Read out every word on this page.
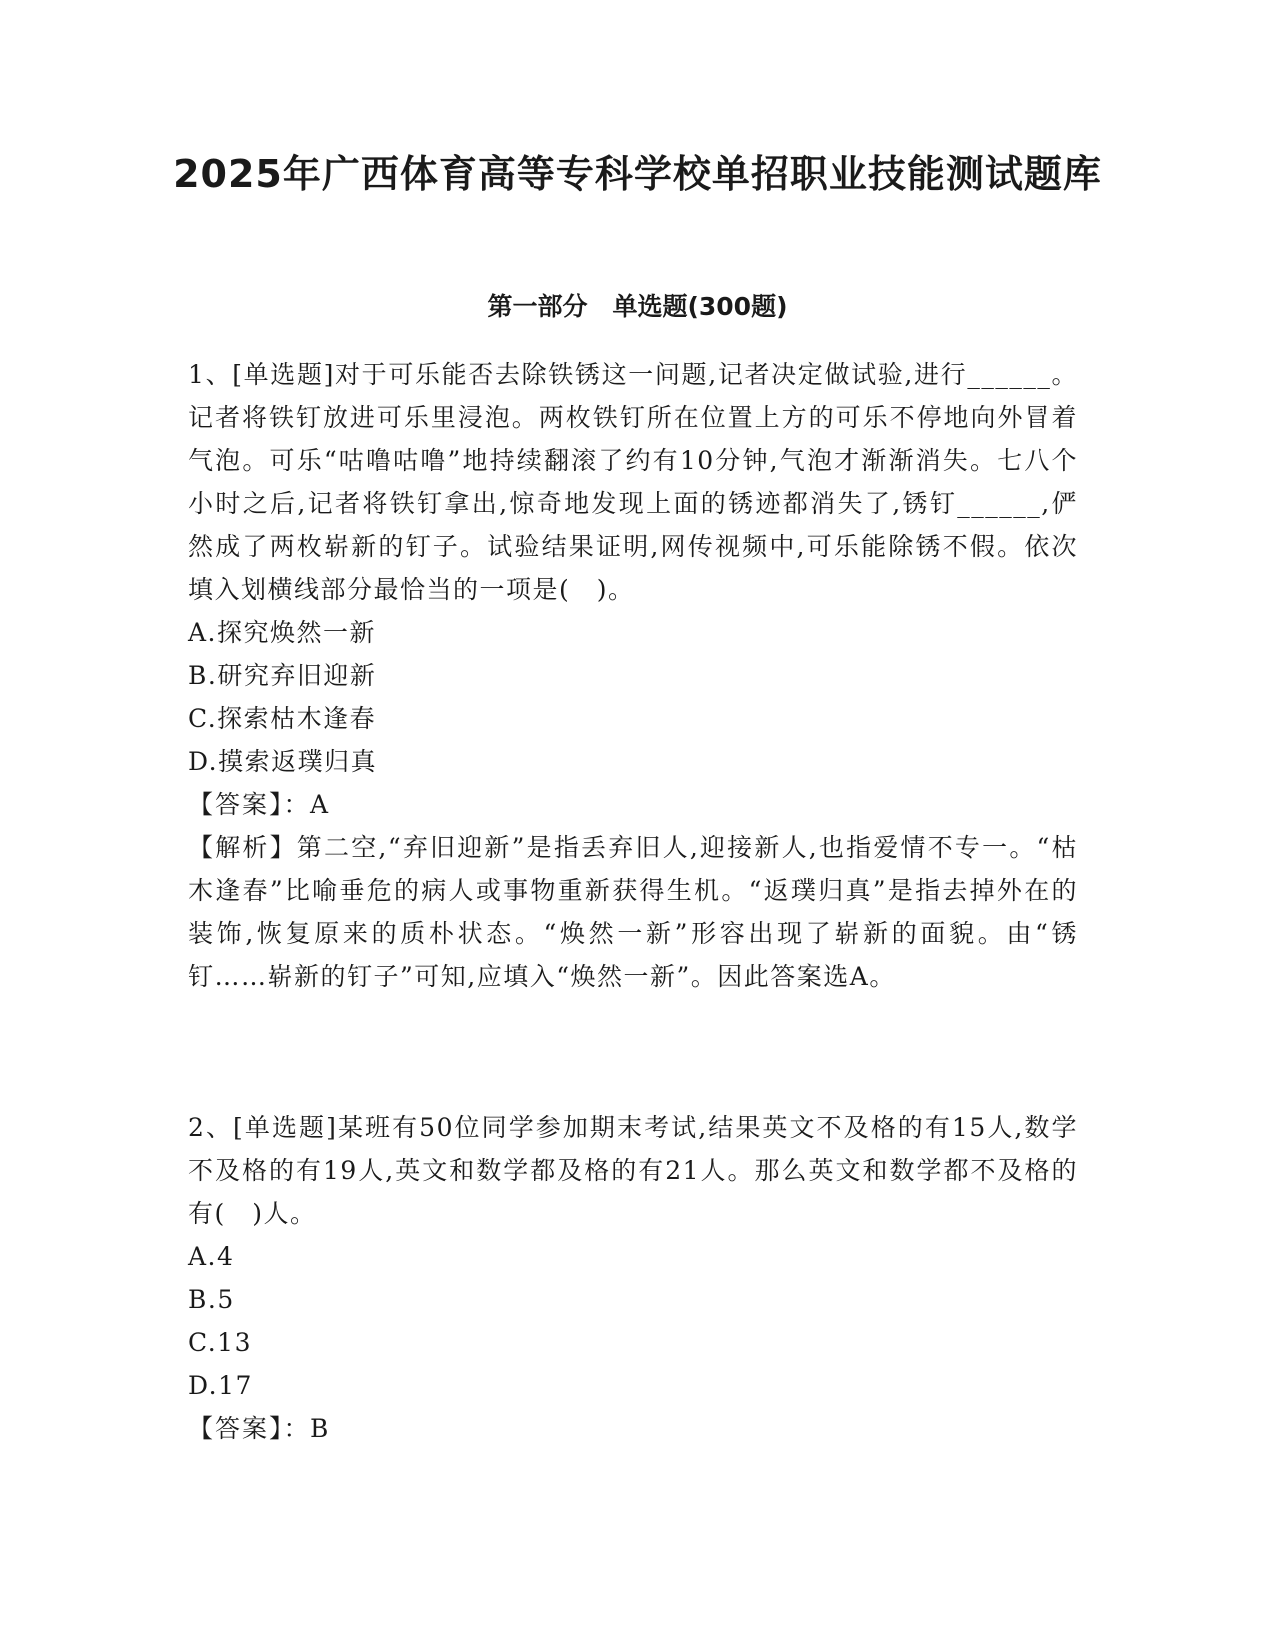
2025年广西体育高等专科学校单招职业技能测试题库
第一部分　单选题(300题)

1、[单选题]对于可乐能否去除铁锈这一问题,记者决定做试验,进行______。记者将铁钉放进可乐里浸泡。两枚铁钉所在位置上方的可乐不停地向外冒着气泡。可乐“咕噜咕噜”地持续翻滚了约有10分钟,气泡才渐渐消失。七八个小时之后,记者将铁钉拿出,惊奇地发现上面的锈迹都消失了,锈钉______,俨然成了两枚崭新的钉子。试验结果证明,网传视频中,可乐能除锈不假。依次填入划横线部分最恰当的一项是(　)。

A.探究焕然一新

B.研究弃旧迎新

C.探索枯木逢春

D.摸索返璞归真

【答案】：A

【解析】第二空,“弃旧迎新”是指丢弃旧人,迎接新人,也指爱情不专一。“枯木逢春”比喻垂危的病人或事物重新获得生机。“返璞归真”是指去掉外在的装饰,恢复原来的质朴状态。“焕然一新”形容出现了崭新的面貌。由“锈钉……崭新的钉子”可知,应填入“焕然一新”。因此答案选A。

2、[单选题]某班有50位同学参加期末考试,结果英文不及格的有15人,数学不及格的有19人,英文和数学都及格的有21人。那么英文和数学都不及格的有(　)人。

A.4

B.5

C.13

D.17

【答案】：B
